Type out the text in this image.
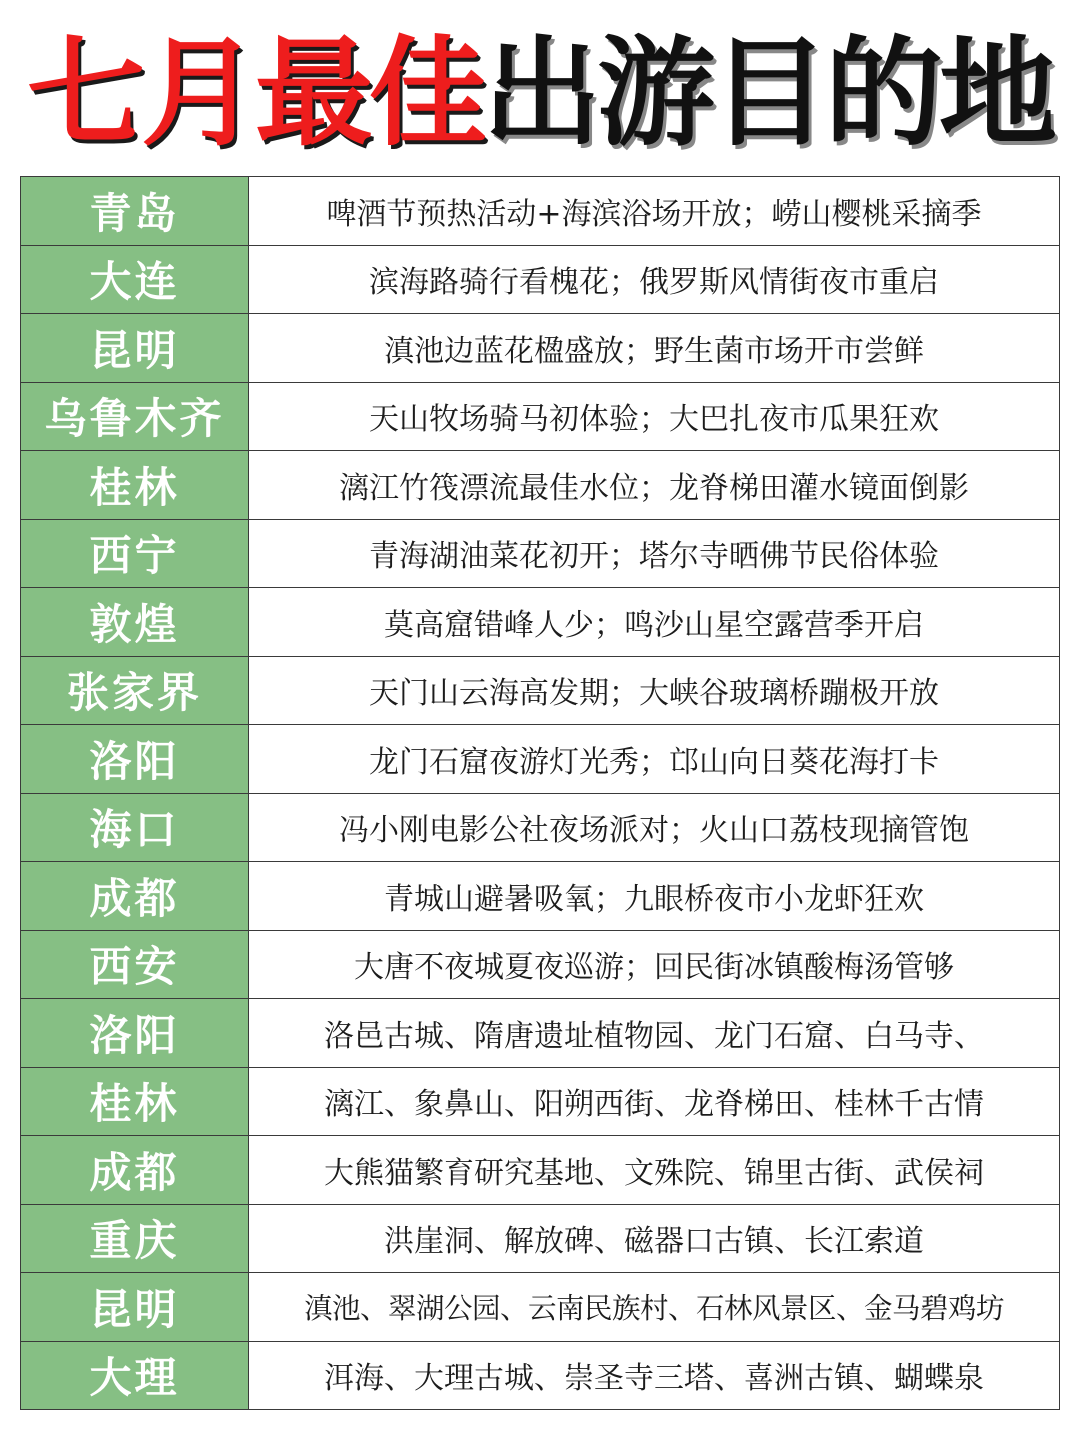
七月最佳出游目的地
青岛	啤酒节预热活动+海滨浴场开放；崂山樱桃采摘季
大连	滨海路骑行看槐花；俄罗斯风情街夜市重启
昆明	滇池边蓝花楹盛放；野生菌市场开市尝鲜
乌鲁木齐	天山牧场骑马初体验；大巴扎夜市瓜果狂欢
桂林	漓江竹筏漂流最佳水位；龙脊梯田灌水镜面倒影
西宁	青海湖油菜花初开；塔尔寺晒佛节民俗体验
敦煌	莫高窟错峰人少；鸣沙山星空露营季开启
张家界	天门山云海高发期；大峡谷玻璃桥蹦极开放
洛阳	龙门石窟夜游灯光秀；邙山向日葵花海打卡
海口	冯小刚电影公社夜场派对；火山口荔枝现摘管饱
成都	青城山避暑吸氧；九眼桥夜市小龙虾狂欢
西安	大唐不夜城夏夜巡游；回民街冰镇酸梅汤管够
洛阳	洛邑古城、隋唐遗址植物园、龙门石窟、白马寺、
桂林	漓江、象鼻山、阳朔西街、龙脊梯田、桂林千古情
成都	大熊猫繁育研究基地、文殊院、锦里古街、武侯祠
重庆	洪崖洞、解放碑、磁器口古镇、长江索道
昆明	滇池、翠湖公园、云南民族村、石林风景区、金马碧鸡坊
大理	洱海、大理古城、崇圣寺三塔、喜洲古镇、蝴蝶泉
